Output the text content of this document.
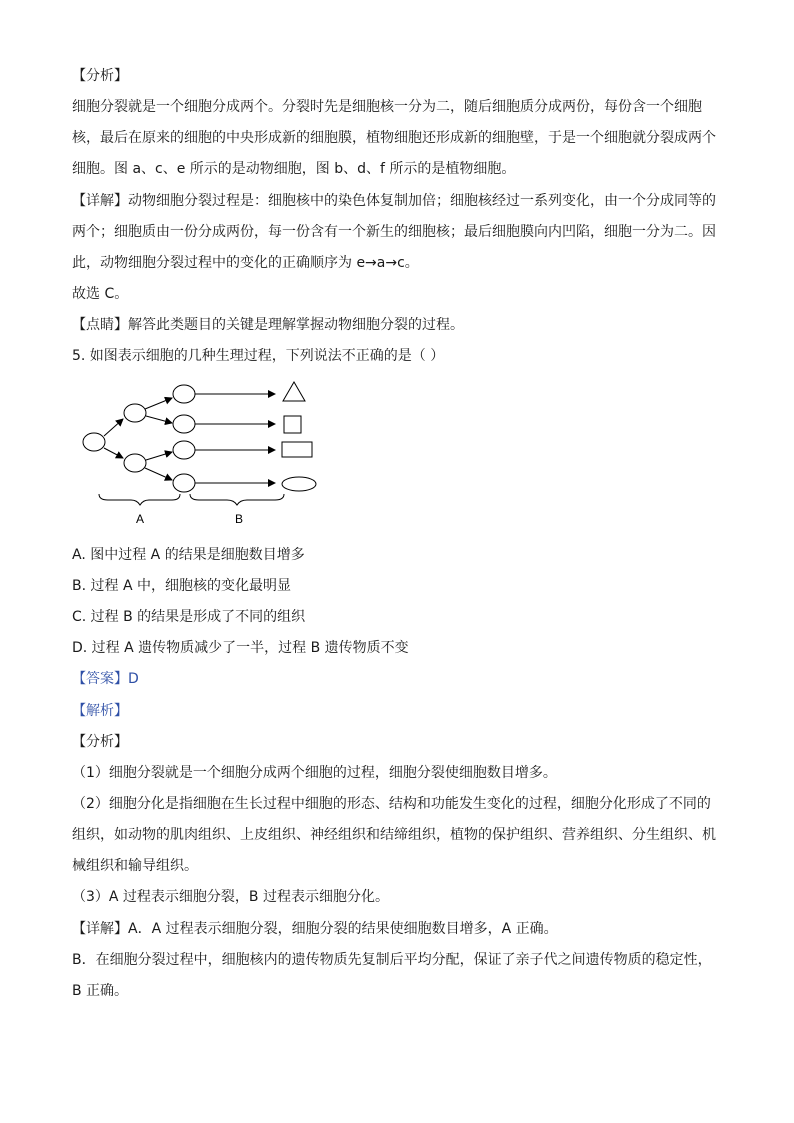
【分析】
细胞分裂就是一个细胞分成两个。分裂时先是细胞核一分为二，随后细胞质分成两份，每份含一个细胞
核，最后在原来的细胞的中央形成新的细胞膜，植物细胞还形成新的细胞壁，于是一个细胞就分裂成两个
细胞。图 a、c、e 所示的是动物细胞，图 b、d、f 所示的是植物细胞。
【详解】动物细胞分裂过程是：细胞核中的染色体复制加倍；细胞核经过一系列变化，由一个分成同等的
两个；细胞质由一份分成两份，每一份含有一个新生的细胞核；最后细胞膜向内凹陷，细胞一分为二。因
此，动物细胞分裂过程中的变化的正确顺序为 e→a→c。
故选 C。
【点睛】解答此类题目的关键是理解掌握动物细胞分裂的过程。
5. 如图表示细胞的几种生理过程，下列说法不正确的是（ ）
A	B
A. 图中过程 A 的结果是细胞数目增多
B. 过程 A 中，细胞核的变化最明显
C. 过程 B 的结果是形成了不同的组织
D. 过程 A 遗传物质减少了一半，过程 B 遗传物质不变
【答案】D
【解析】
【分析】
（1）细胞分裂就是一个细胞分成两个细胞的过程，细胞分裂使细胞数目增多。
（2）细胞分化是指细胞在生长过程中细胞的形态、结构和功能发生变化的过程，细胞分化形成了不同的
组织，如动物的肌肉组织、上皮组织、神经组织和结缔组织，植物的保护组织、营养组织、分生组织、机
械组织和输导组织。
（3）A 过程表示细胞分裂，B 过程表示细胞分化。
【详解】A．A 过程表示细胞分裂，细胞分裂的结果使细胞数目增多，A 正确。
B．在细胞分裂过程中，细胞核内的遗传物质先复制后平均分配，保证了亲子代之间遗传物质的稳定性，
B 正确。
